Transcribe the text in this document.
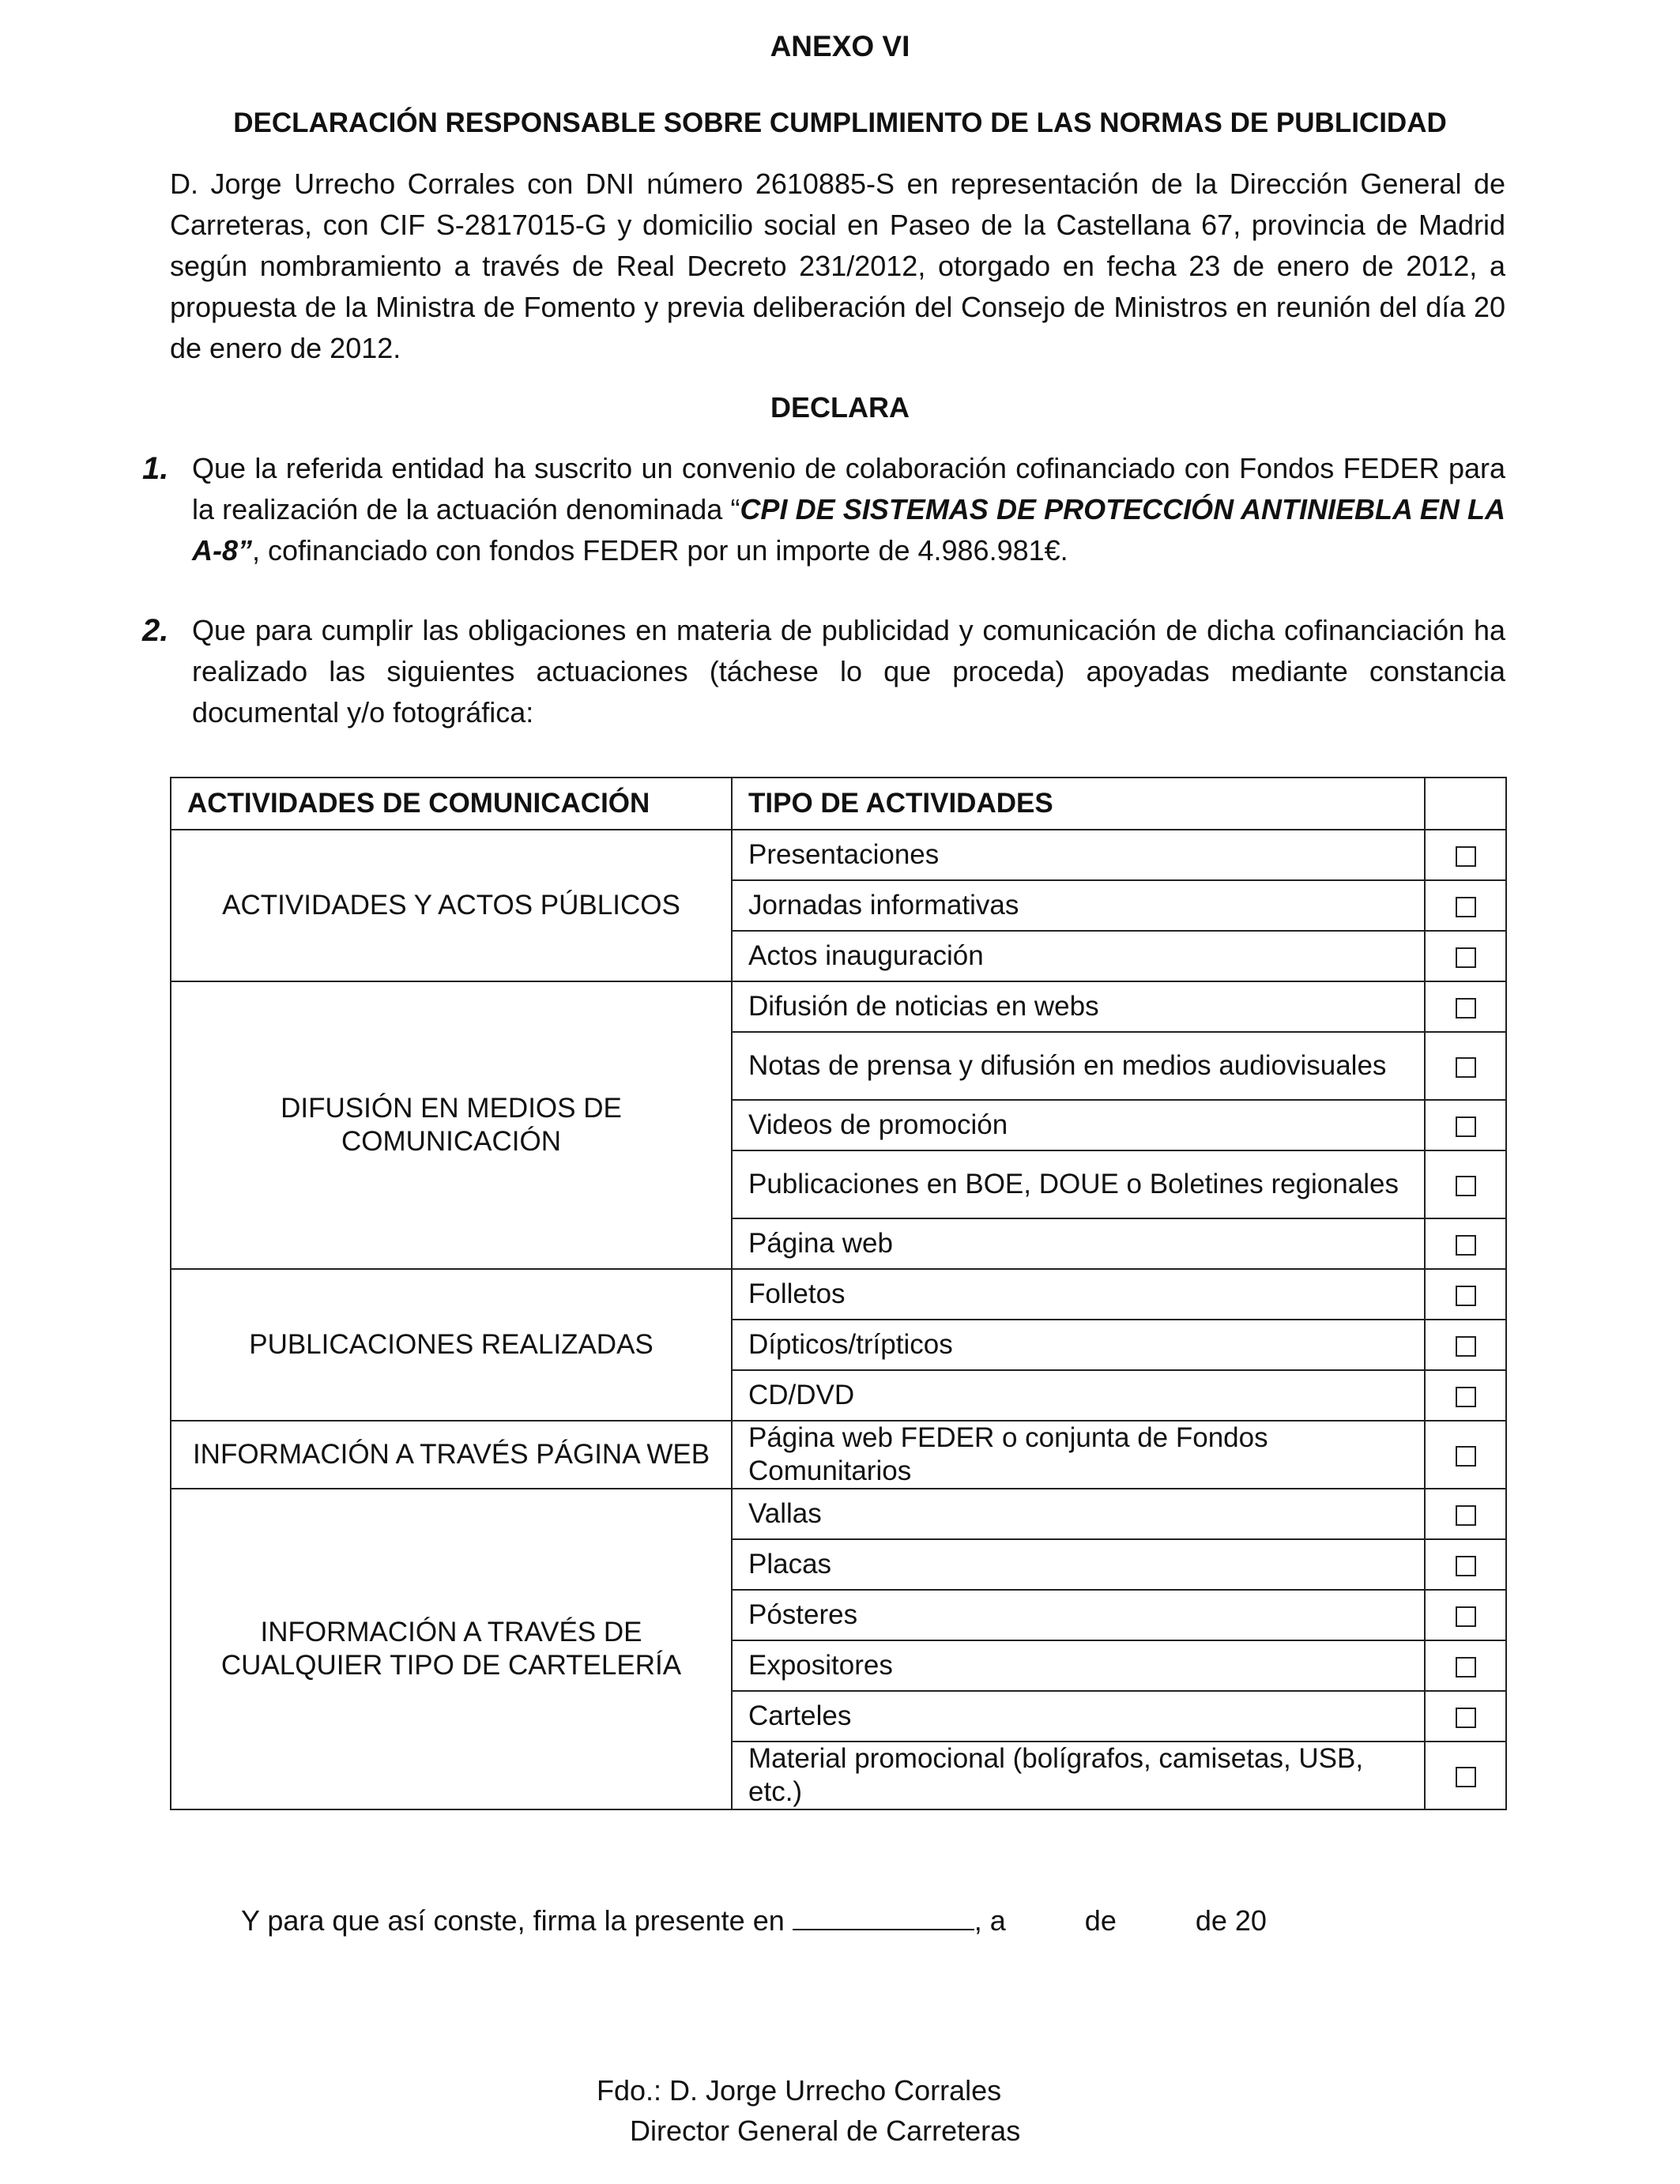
ANEXO VI
DECLARACIÓN RESPONSABLE SOBRE CUMPLIMIENTO DE LAS NORMAS DE PUBLICIDAD
D. Jorge Urrecho Corrales con DNI número 2610885-S en representación de la Dirección General de Carreteras, con CIF S-2817015-G y domicilio social en Paseo de la Castellana 67, provincia de Madrid según nombramiento a través de Real Decreto 231/2012, otorgado en fecha 23 de enero de 2012, a propuesta de la Ministra de Fomento y previa deliberación del Consejo de Ministros en reunión del día 20 de enero de 2012.
DECLARA
1. Que la referida entidad ha suscrito un convenio de colaboración cofinanciado con Fondos FEDER para la realización de la actuación denominada “CPI DE SISTEMAS DE PROTECCIÓN ANTINIEBLA EN LA A-8”, cofinanciado con fondos FEDER por un importe de 4.986.981€.
2. Que para cumplir las obligaciones en materia de publicidad y comunicación de dicha cofinanciación ha realizado las siguientes actuaciones (táchese lo que proceda) apoyadas mediante constancia documental y/o fotográfica:
ACTIVIDADES DE COMUNICACIÓN	TIPO DE ACTIVIDADES	
ACTIVIDADES Y ACTOS PÚBLICOS	Presentaciones	
	Jornadas informativas	
	Actos inauguración	
DIFUSIÓN EN MEDIOS DE COMUNICACIÓN	Difusión de noticias en webs	
	Notas de prensa y difusión en medios audiovisuales	
	Videos de promoción	
	Publicaciones en BOE, DOUE o Boletines regionales	
	Página web	
PUBLICACIONES REALIZADAS	Folletos	
	Dípticos/trípticos	
	CD/DVD	
INFORMACIÓN A TRAVÉS PÁGINA WEB	Página web FEDER o conjunta de Fondos Comunitarios	
INFORMACIÓN A TRAVÉS DE CUALQUIER TIPO DE CARTELERÍA	Vallas	
	Placas	
	Pósteres	
	Expositores	
	Carteles	
	Material promocional (bolígrafos, camisetas, USB, etc.)	
Y para que así conste, firma la presente en	, a          de          de 20
Fdo.: D. Jorge Urrecho Corrales
Director General de Carreteras
